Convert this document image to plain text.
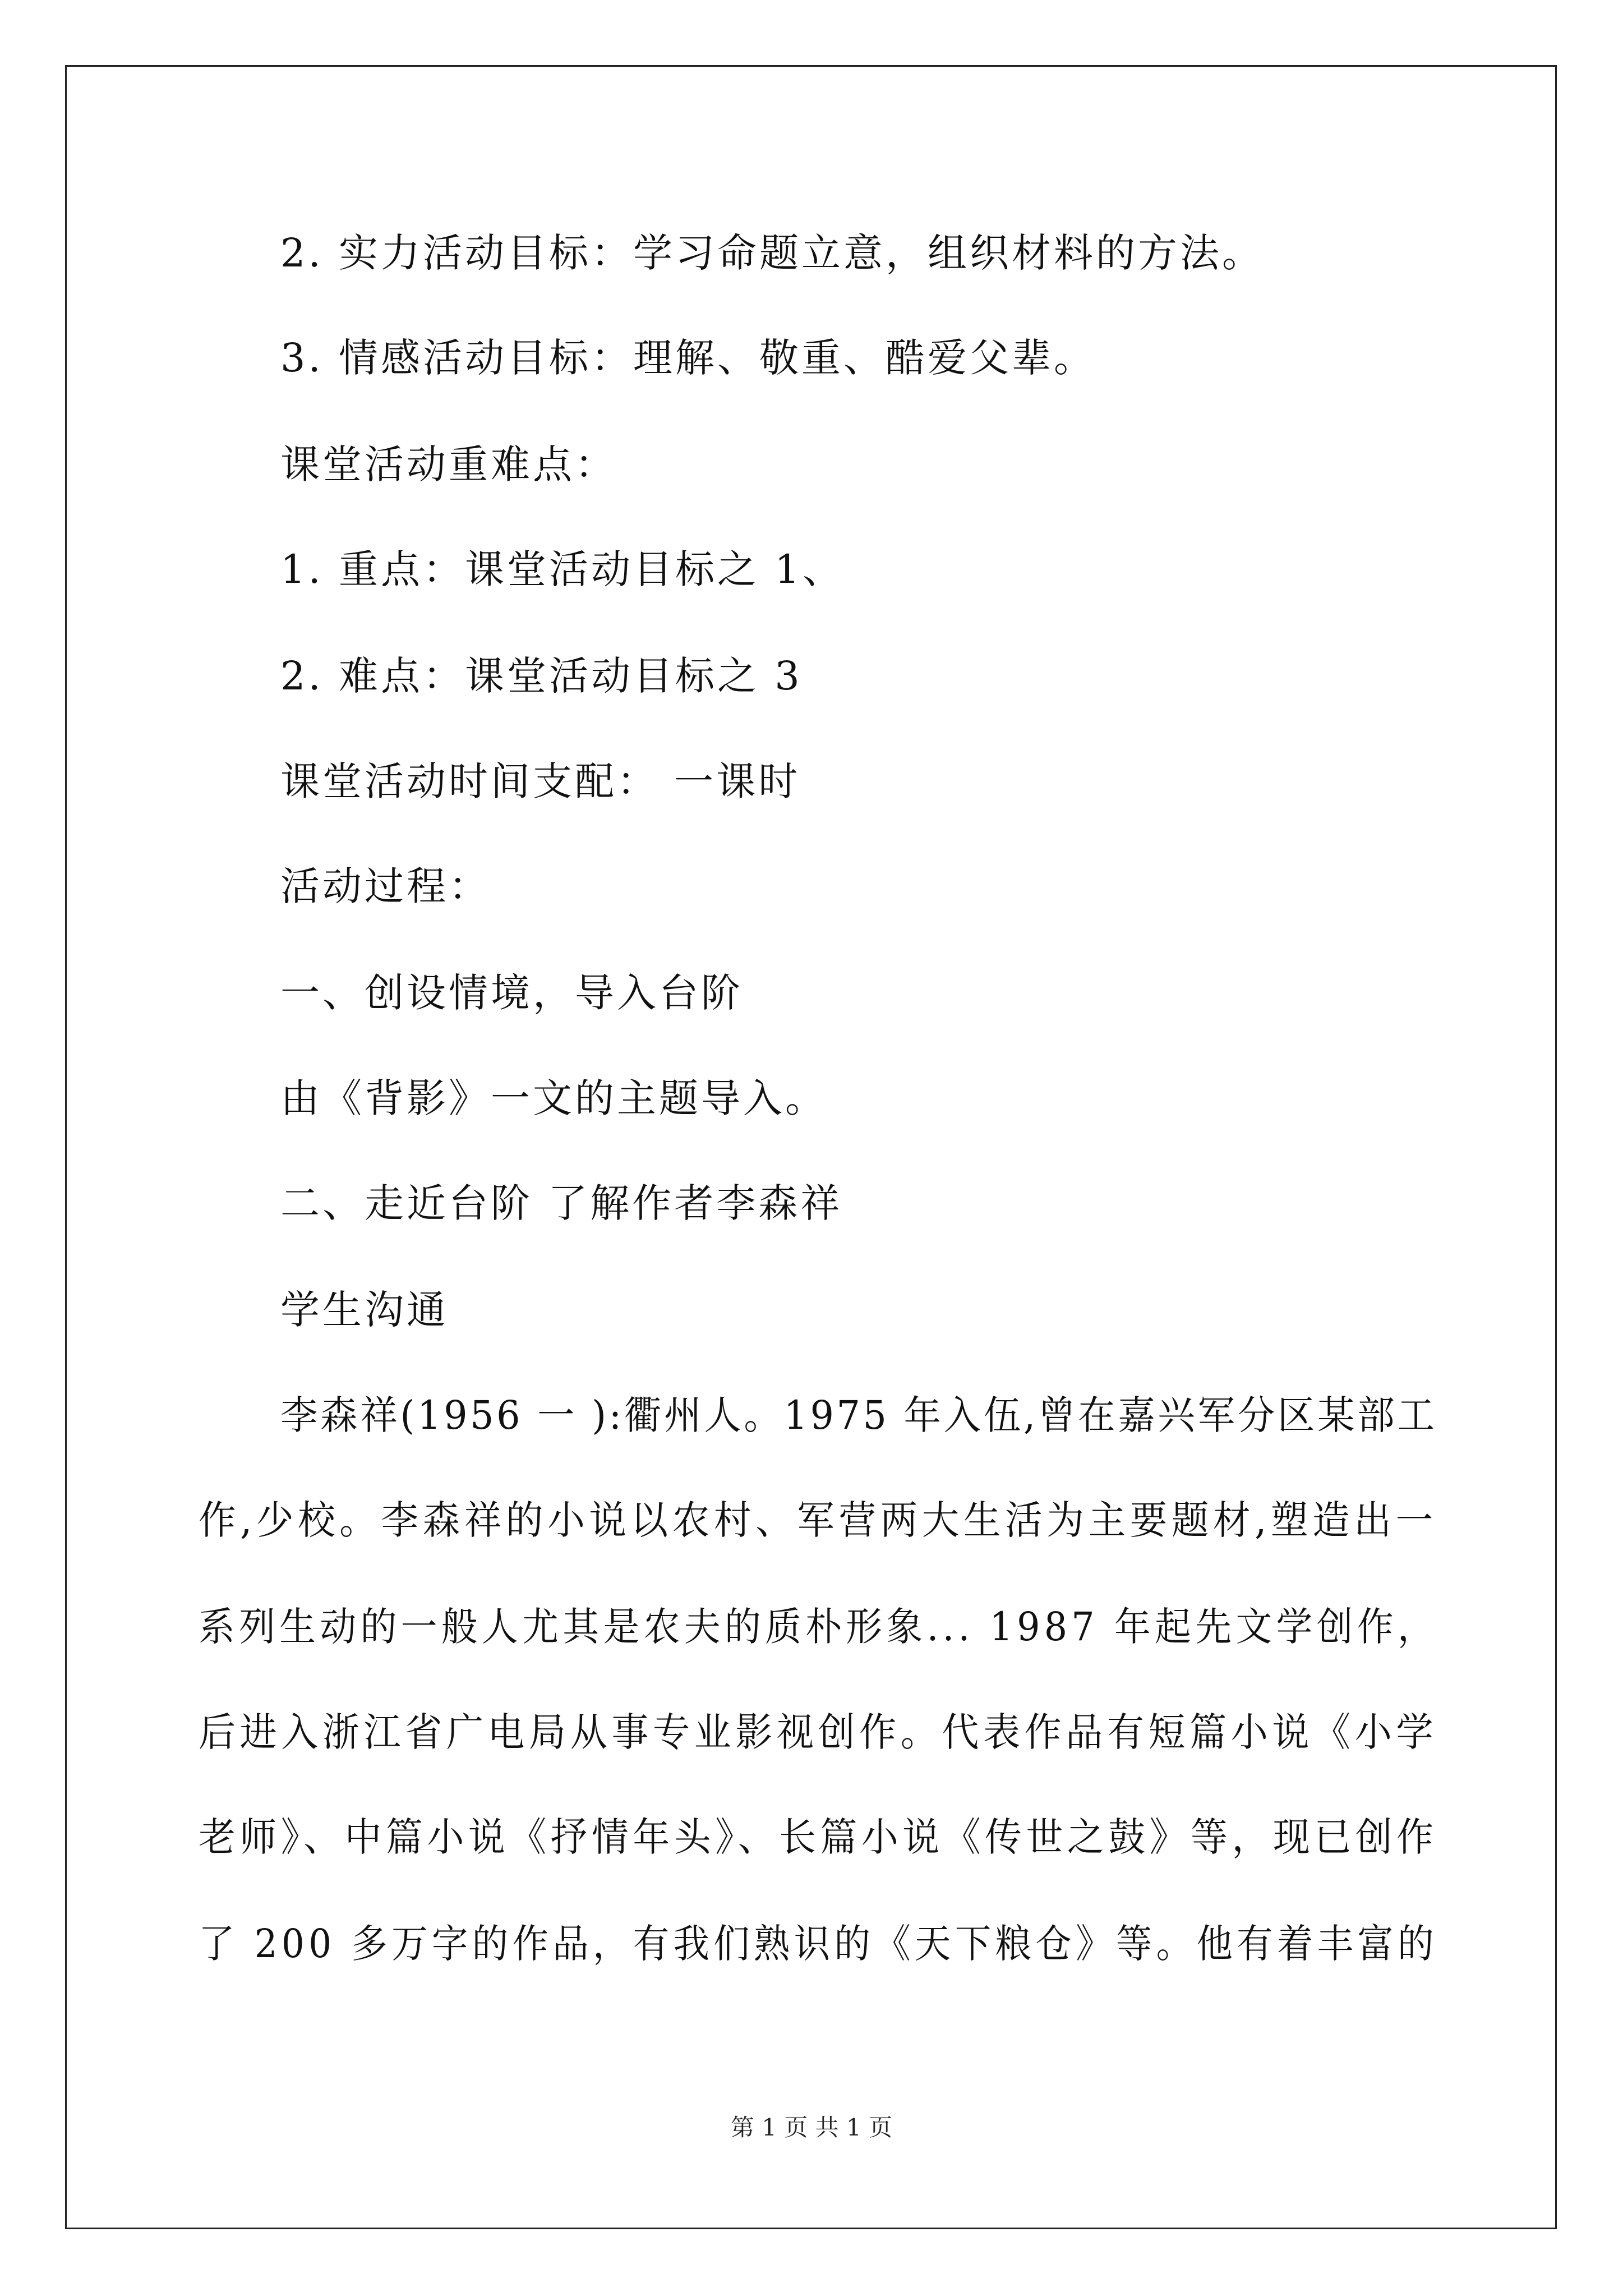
2. 实力活动目标：学习命题立意，组织材料的方法。
3. 情感活动目标：理解、敬重、酷爱父辈。
课堂活动重难点：
1. 重点：课堂活动目标之 1、
2. 难点：课堂活动目标之 3
课堂活动时间支配： 一课时
活动过程：
一、创设情境，导入台阶
由《背影》一文的主题导入。
二、走近台阶 了解作者李森祥
学生沟通
李森祥(1956 一 ):衢州人。1975 年入伍,曾在嘉兴军分区某部工
作,少校。李森祥的小说以农村、军营两大生活为主要题材,塑造出一
系列生动的一般人尤其是农夫的质朴形象... 1987 年起先文学创作，
后进入浙江省广电局从事专业影视创作。代表作品有短篇小说《小学
老师》、中篇小说《抒情年头》、长篇小说《传世之鼓》等，现已创作
了 200 多万字的作品，有我们熟识的《天下粮仓》等。他有着丰富的
第 1 页 共 1 页
